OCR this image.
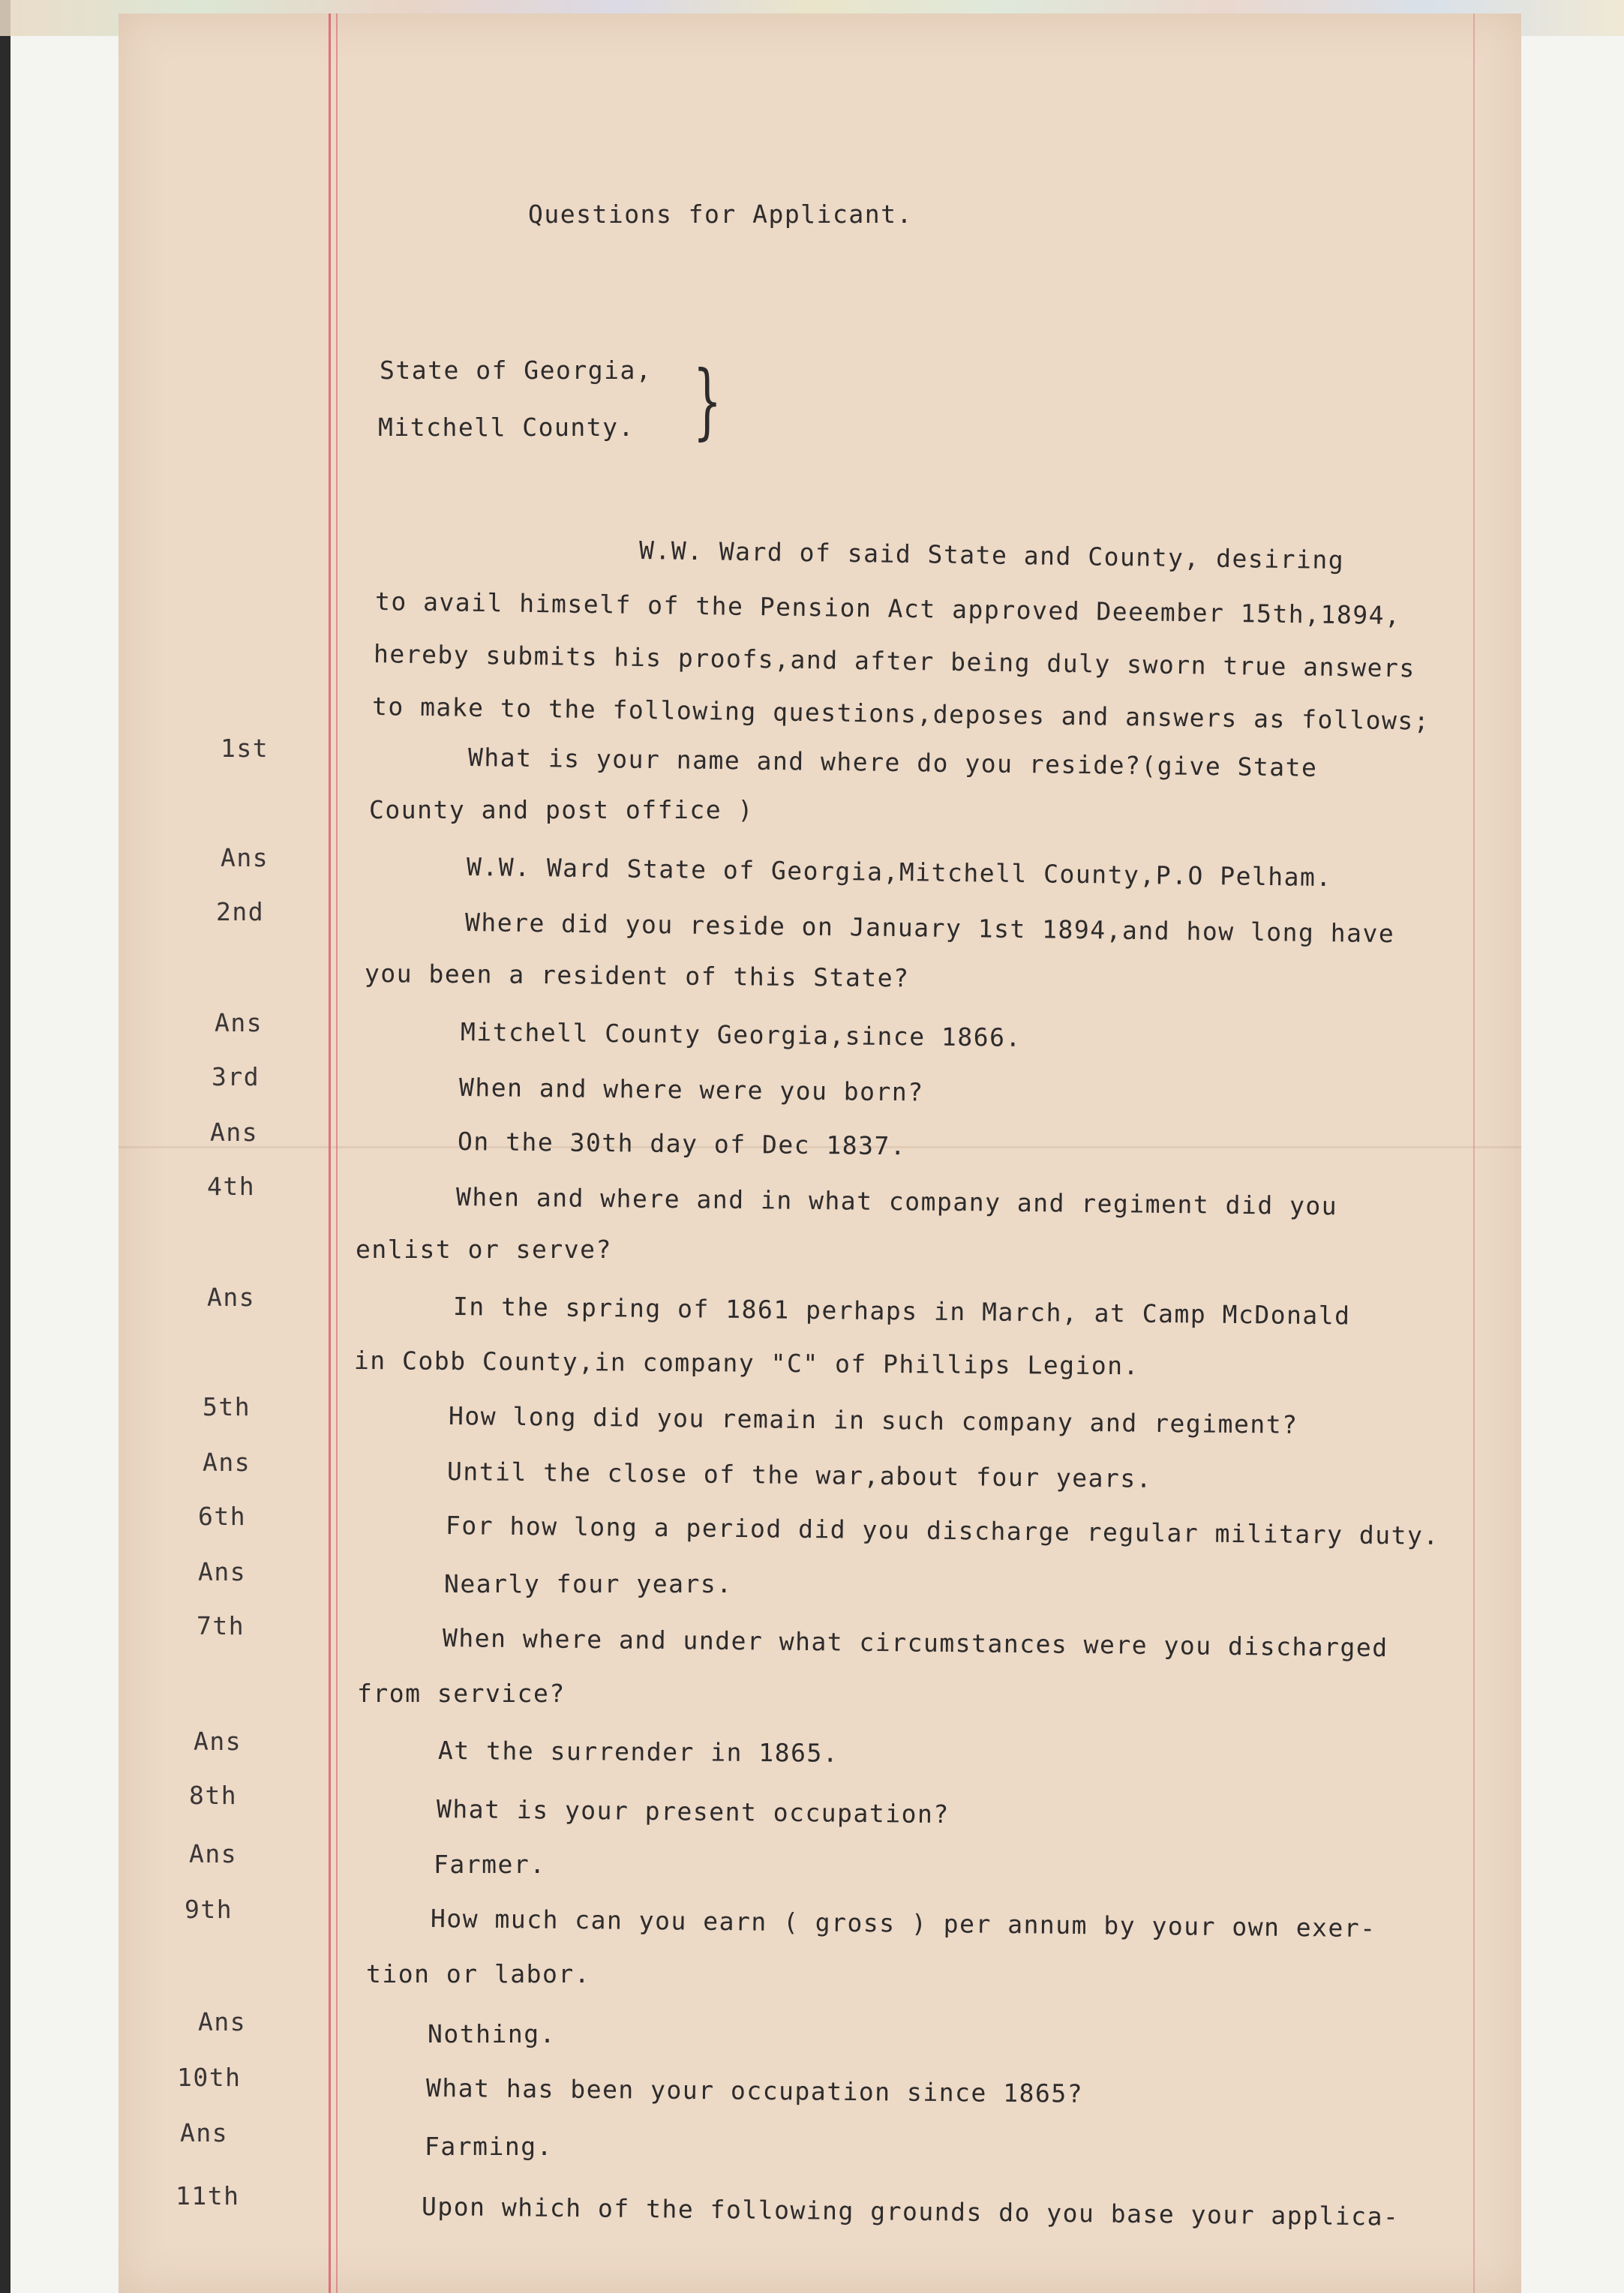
Questions for Applicant.
State of Georgia,
Mitchell County. }
W.W. Ward of said State and County, desiring
to avail himself of the Pension Act approved Deeember 15th,1894,
hereby submits his proofs,and after being duly sworn true answers
to make to the following questions,deposes and answers as follows;
1st
Ans
2nd
Ans
3rd
Ans
4th
Ans
5th
Ans
6th
Ans
7th
Ans
8th
Ans
9th
Ans
10th
Ans
11th
What is your name and where do you reside?(give State
County and post office )
W.W. Ward State of Georgia,Mitchell County,P.O Pelham.
Where did you reside on January 1st 1894,and how long have
you been a resident of this State?
Mitchell County Georgia,since 1866.
When and where were you born?
On the 30th day of Dec 1837.
When and where and in what company and regiment did you
enlist or serve?
In the spring of 1861 perhaps in March, at Camp McDonald
in Cobb County,in company "C" of Phillips Legion.
How long did you remain in such company and regiment?
Until the close of the war,about four years.
For how long a period did you discharge regular military duty.
Nearly four years.
When where and under what circumstances were you discharged
from service?
At the surrender in 1865.
What is your present occupation?
Farmer.
How much can you earn ( gross ) per annum by your own exer-
tion or labor.
Nothing.
What has been your occupation since 1865?
Farming.
Upon which of the following grounds do you base your applica-
